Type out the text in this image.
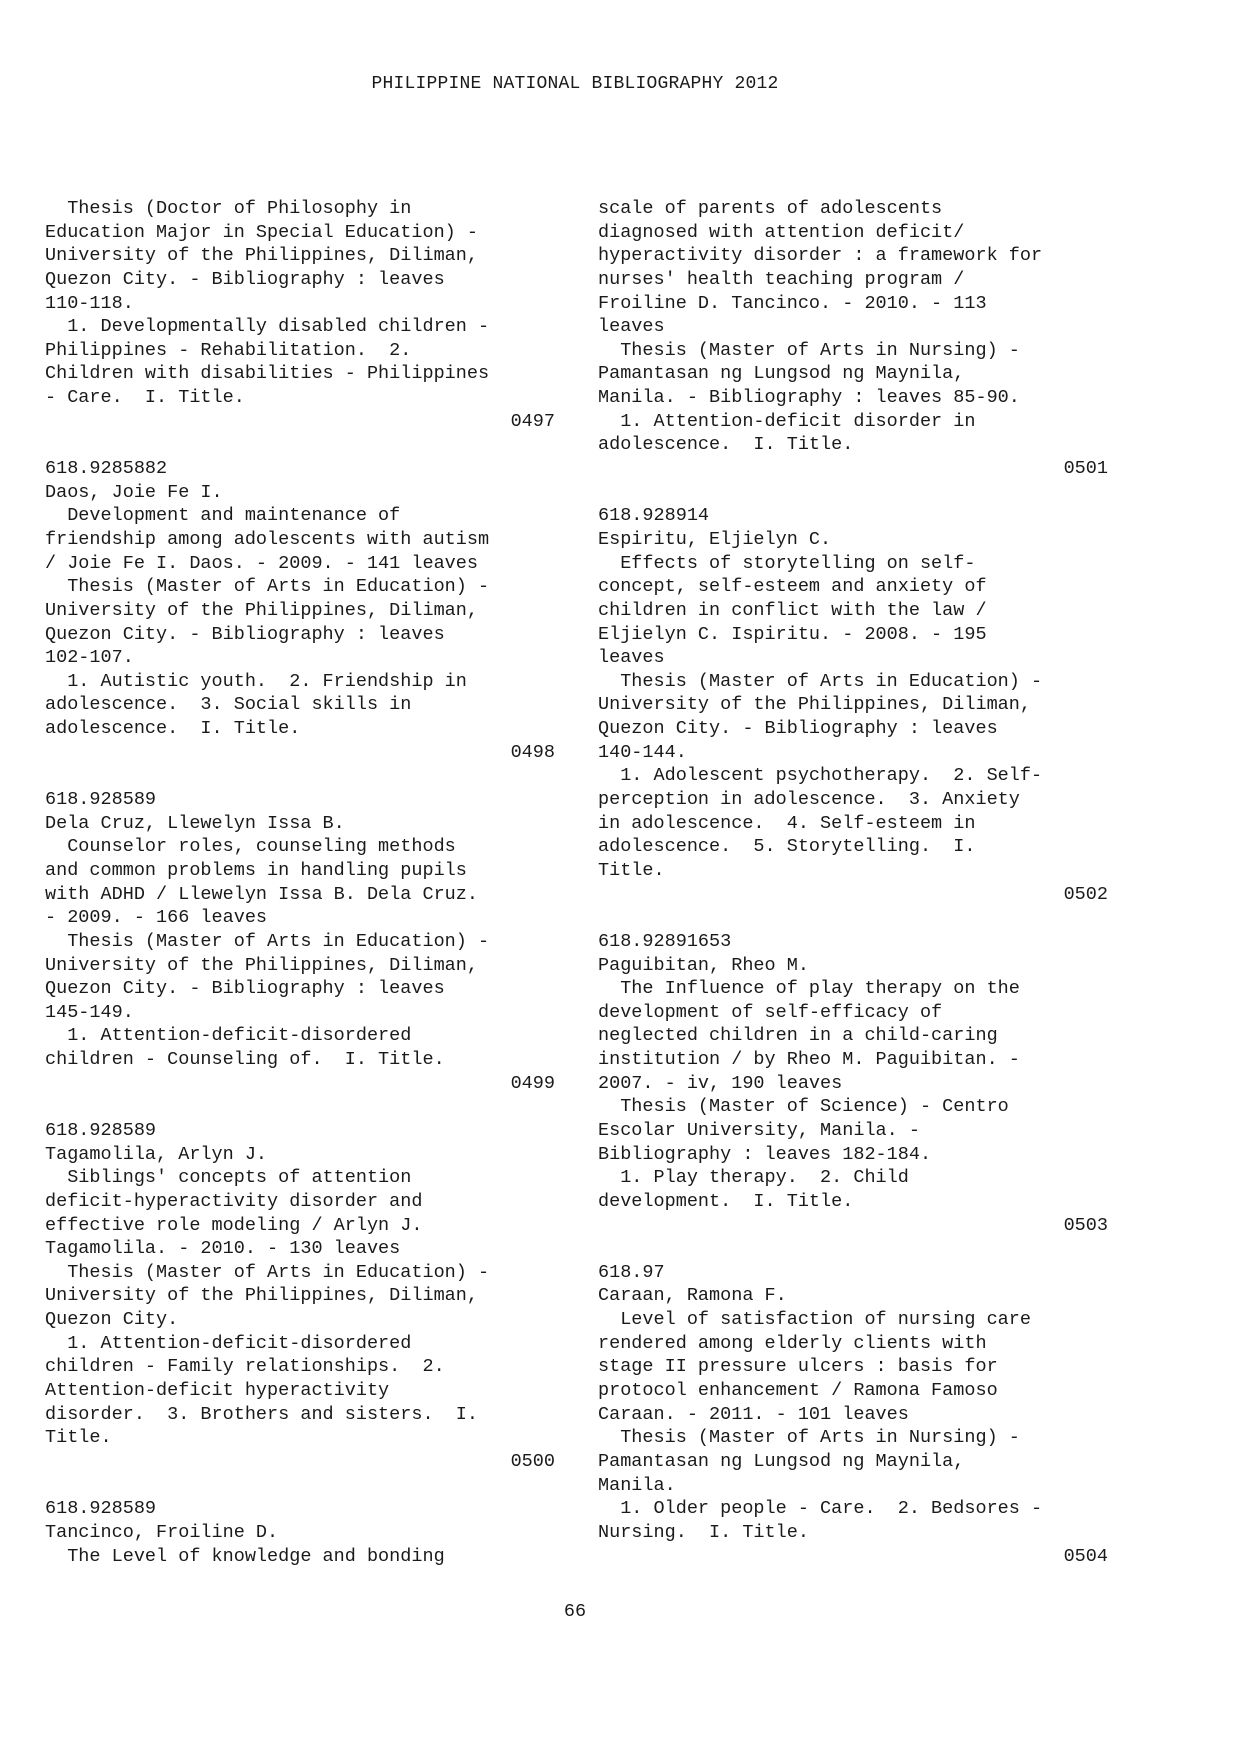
PHILIPPINE NATIONAL BIBLIOGRAPHY 2012
Thesis (Doctor of Philosophy in
Education Major in Special Education) -
University of the Philippines, Diliman,
Quezon City. - Bibliography : leaves
110-118.
1. Developmentally disabled children -
Philippines - Rehabilitation.  2.
Children with disabilities - Philippines
- Care.  I. Title.
0497
618.9285882
Daos, Joie Fe I.
Development and maintenance of
friendship among adolescents with autism
/ Joie Fe I. Daos. - 2009. - 141 leaves
Thesis (Master of Arts in Education) -
University of the Philippines, Diliman,
Quezon City. - Bibliography : leaves
102-107.
1. Autistic youth.  2. Friendship in
adolescence.  3. Social skills in
adolescence.  I. Title.
0498
618.928589
Dela Cruz, Llewelyn Issa B.
Counselor roles, counseling methods
and common problems in handling pupils
with ADHD / Llewelyn Issa B. Dela Cruz.
- 2009. - 166 leaves
Thesis (Master of Arts in Education) -
University of the Philippines, Diliman,
Quezon City. - Bibliography : leaves
145-149.
1. Attention-deficit-disordered
children - Counseling of.  I. Title.
0499
618.928589
Tagamolila, Arlyn J.
Siblings' concepts of attention
deficit-hyperactivity disorder and
effective role modeling / Arlyn J.
Tagamolila. - 2010. - 130 leaves
Thesis (Master of Arts in Education) -
University of the Philippines, Diliman,
Quezon City.
1. Attention-deficit-disordered
children - Family relationships.  2.
Attention-deficit hyperactivity
disorder.  3. Brothers and sisters.  I.
Title.
0500
618.928589
Tancinco, Froiline D.
The Level of knowledge and bonding
scale of parents of adolescents
diagnosed with attention deficit/
hyperactivity disorder : a framework for
nurses' health teaching program /
Froiline D. Tancinco. - 2010. - 113
leaves
Thesis (Master of Arts in Nursing) -
Pamantasan ng Lungsod ng Maynila,
Manila. - Bibliography : leaves 85-90.
1. Attention-deficit disorder in
adolescence.  I. Title.
0501
618.928914
Espiritu, Eljielyn C.
Effects of storytelling on self-
concept, self-esteem and anxiety of
children in conflict with the law /
Eljielyn C. Ispiritu. - 2008. - 195
leaves
Thesis (Master of Arts in Education) -
University of the Philippines, Diliman,
Quezon City. - Bibliography : leaves
140-144.
1. Adolescent psychotherapy.  2. Self-
perception in adolescence.  3. Anxiety
in adolescence.  4. Self-esteem in
adolescence.  5. Storytelling.  I.
Title.
0502
618.92891653
Paguibitan, Rheo M.
The Influence of play therapy on the
development of self-efficacy of
neglected children in a child-caring
institution / by Rheo M. Paguibitan. -
2007. - iv, 190 leaves
Thesis (Master of Science) - Centro
Escolar University, Manila. -
Bibliography : leaves 182-184.
1. Play therapy.  2. Child
development.  I. Title.
0503
618.97
Caraan, Ramona F.
Level of satisfaction of nursing care
rendered among elderly clients with
stage II pressure ulcers : basis for
protocol enhancement / Ramona Famoso
Caraan. - 2011. - 101 leaves
Thesis (Master of Arts in Nursing) -
Pamantasan ng Lungsod ng Maynila,
Manila.
1. Older people - Care.  2. Bedsores -
Nursing.  I. Title.
0504
66
